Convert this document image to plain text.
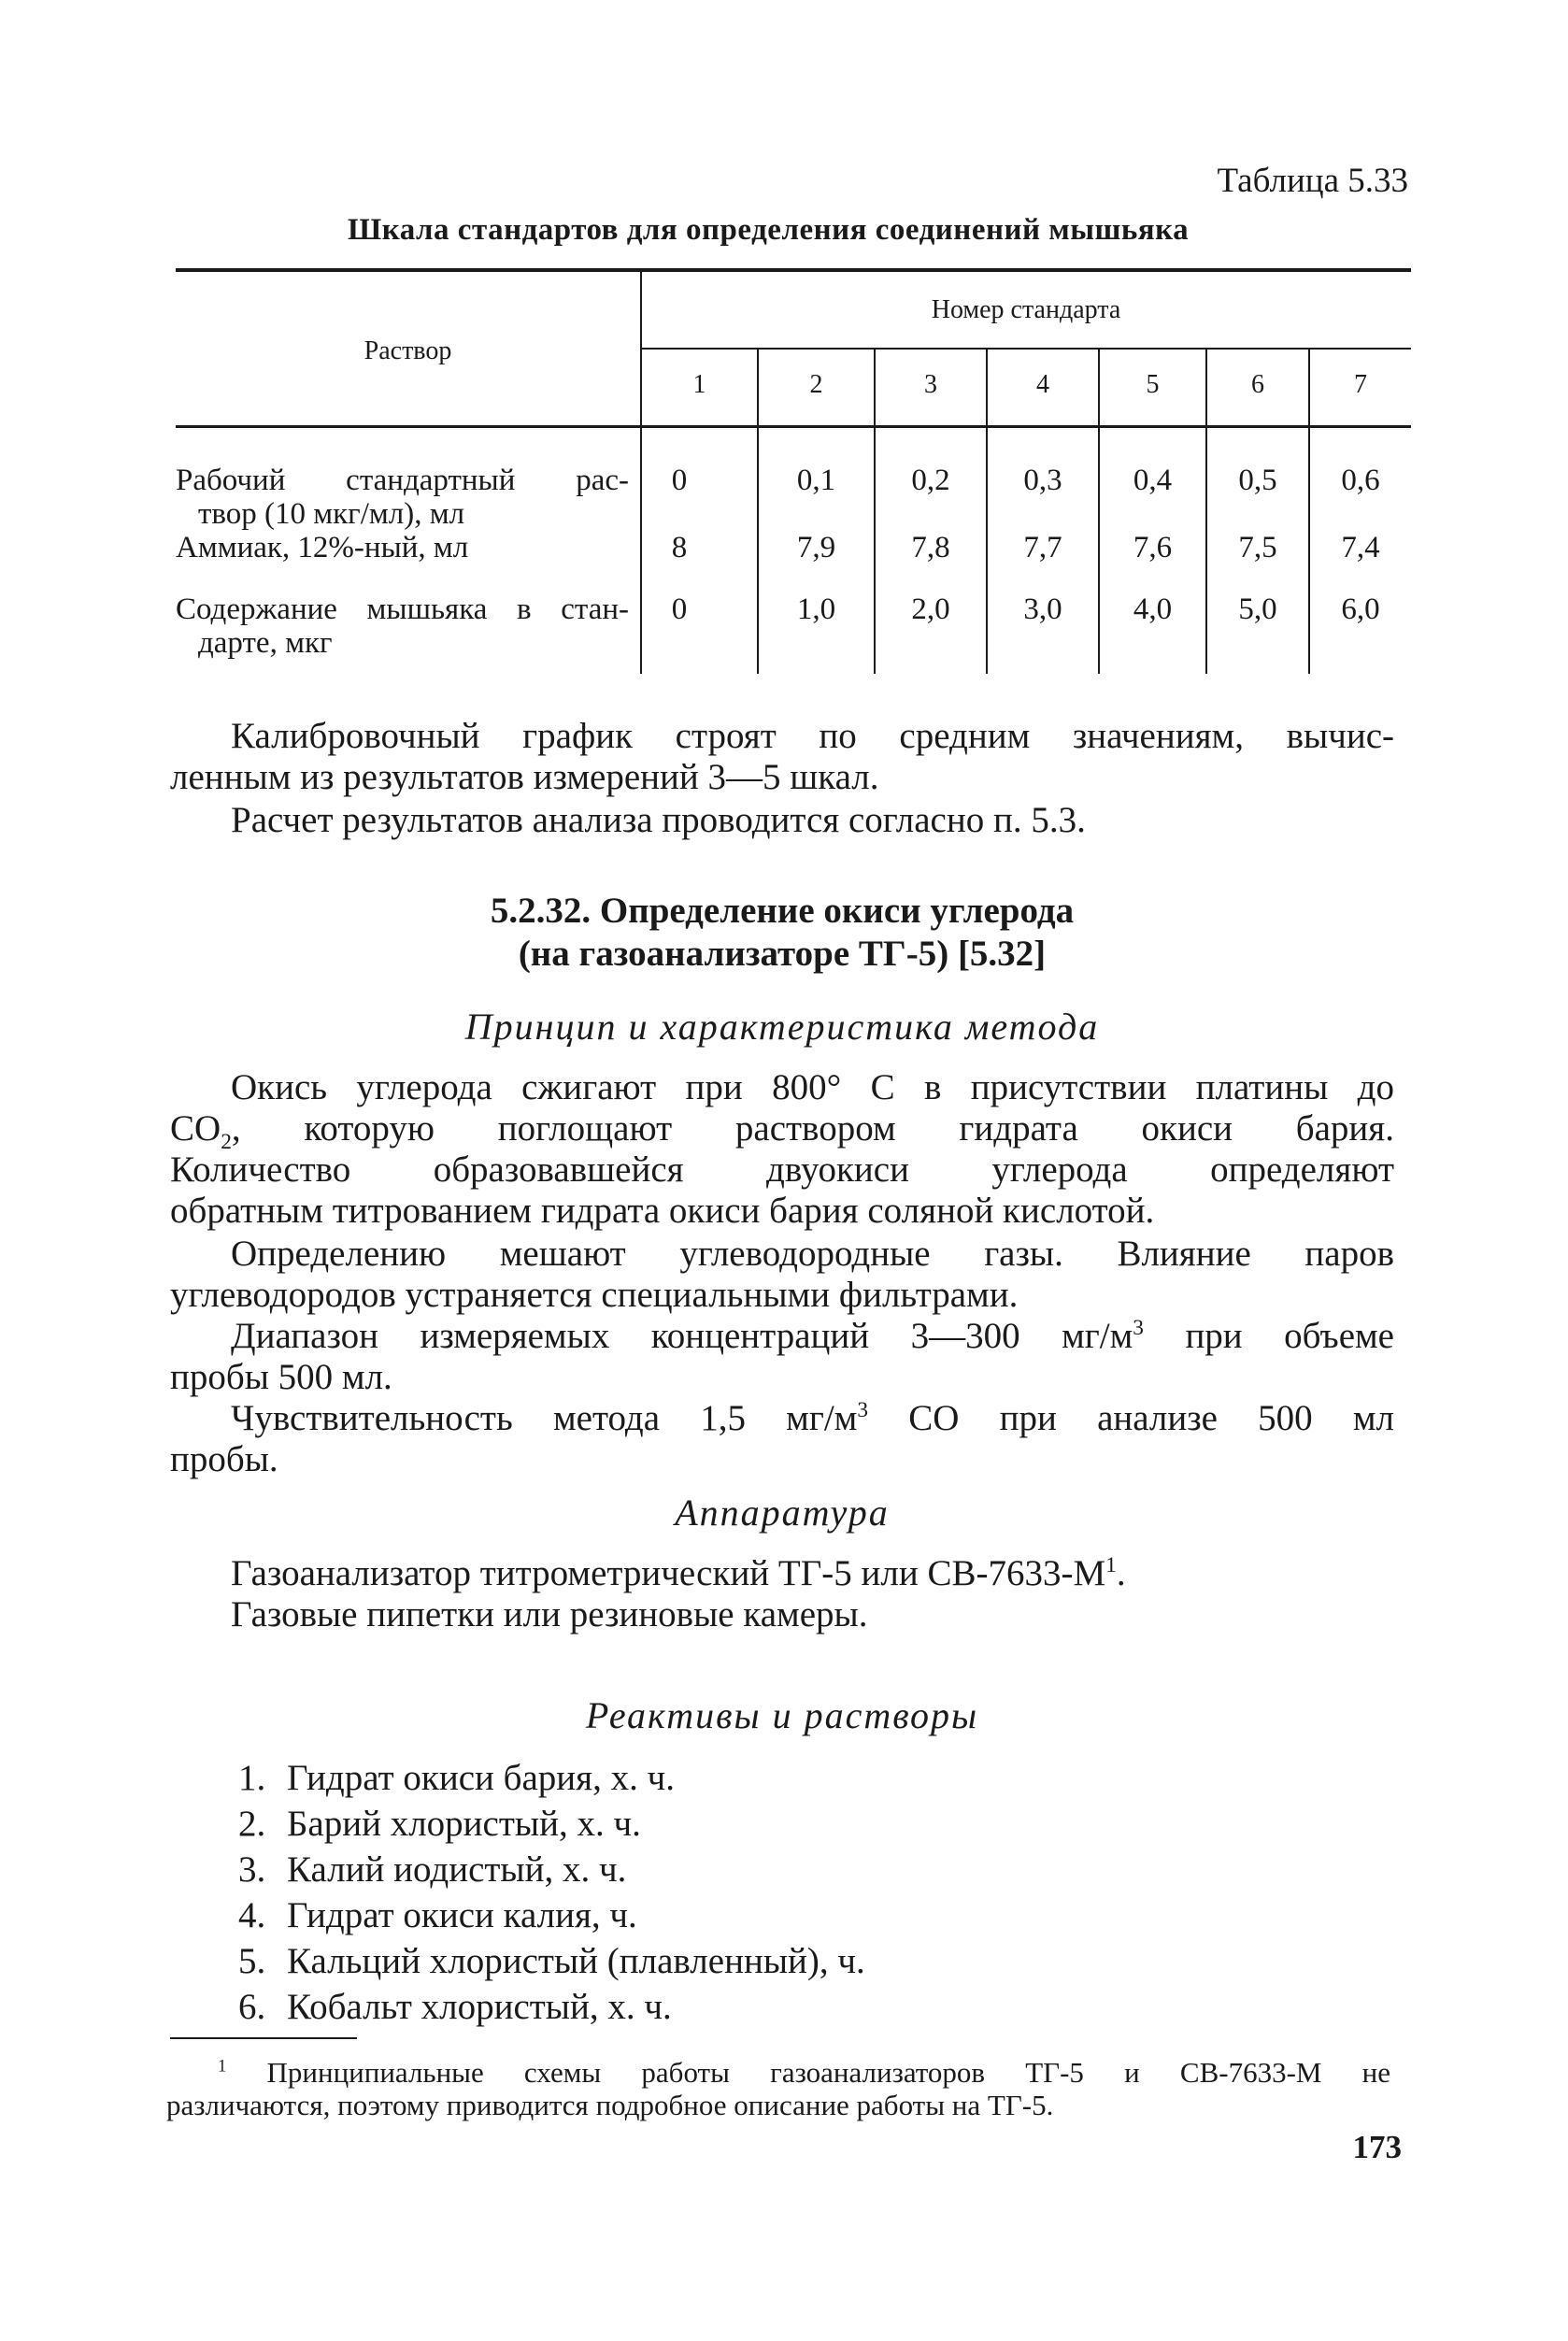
Таблица 5.33

Шкала стандартов для определения соединений мышьяка

Раствор
Номер стандарта
1	2	3	4	5	6	7
Рабочий стандартный рас-
твор (10 мкг/мл), мл
0	0,1	0,2	0,3	0,4	0,5	0,6
Аммиак, 12%-ный, мл	8	7,9	7,8	7,7	7,6	7,5	7,4
Содержание мышьяка в стан-
дарте, мкг
0	1,0	2,0	3,0	4,0	5,0	6,0
Калибровочный график строят по средним значениям, вычис-
ленным из результатов измерений 3—5 шкал.
Расчет результатов анализа проводится согласно п. 5.3.
5.2.32. Определение окиси углерода
(на газоанализаторе ТГ-5) [5.32]
Принцип и характеристика метода
Окись углерода сжигают при 800° С в присутствии платины до
$CO_2$, которую поглощают раствором гидрата окиси бария.
Количество образовавшейся двуокиси углерода определяют
обратным титрованием гидрата окиси бария соляной кислотой.
Определению мешают углеводородные газы. Влияние паров
углеводородов устраняется специальными фильтрами.
Диапазон измеряемых концентраций 3—300 $мг/м^3$ при объеме
пробы 500 мл.
Чувствительность метода 1,5 $мг/м^3$ CO при анализе 500 мл
пробы.
Аппаратура
Газоанализатор титрометрический ТГ-5 или $СВ-7633-М^1$.
Газовые пипетки или резиновые камеры.
Реактивы и растворы
1. Гидрат окиси бария, х. ч.
2. Барий хлористый, х. ч.
3. Калий иодистый, х. ч.
4. Гидрат окиси калия, ч.
5. Кальций хлористый (плавленный), ч.
6. Кобальт хлористый, х. ч.
$^1$ Принципиальные схемы работы газоанализаторов ТГ-5 и СВ-7633-М не
различаются, поэтому приводится подробное описание работы на ТГ-5.
173
